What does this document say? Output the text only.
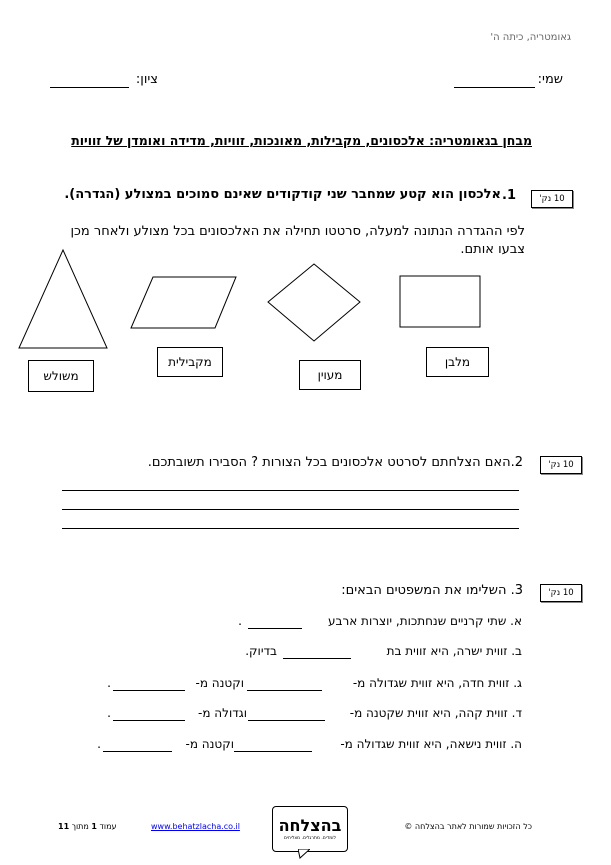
גאומטריה, כיתה ה'
שמי:
ציון:
מבחן בגאומטריה: אלכסונים, מקבילות, מאונכות, זוויות, מדידה ואומדן של זוויות
10 נק'
1.
אלכסון הוא קטע שמחבר שני קודקודים שאינם סמוכים במצולע (הגדרה).
לפי ההגדרה הנתונה למעלה, סרטטו תחילה את האלכסונים בכל מצולע ולאחר מכן
צבעו אותם.
מלבן
מעוין
מקבילית
משולש
10 נק'
2.האם הצלחתם לסרטט אלכסונים בכל הצורות ? הסבירו תשובתכם.
10 נק'
3. השלימו את המשפטים הבאים:
א. שתי קרניים שנחתכות, יוצרות ארבע
.
ב. זווית ישרה, היא זווית בת
בדיוק.
ג. זווית חדה, היא זווית שגדולה מ-
וקטנה מ-
.
ד. זווית קהה, היא זווית שקטנה מ-
וגדולה מ-
.
ה. זווית נישאה, היא זווית שגדולה מ-
וקטנה מ-
.
כל הזכויות שמורות לאתר בהצלחה ©
בהצלחה
לומדים. מתרגלים. מצליחים
www.behatzlacha.co.il
עמוד 1 מתוך 11
